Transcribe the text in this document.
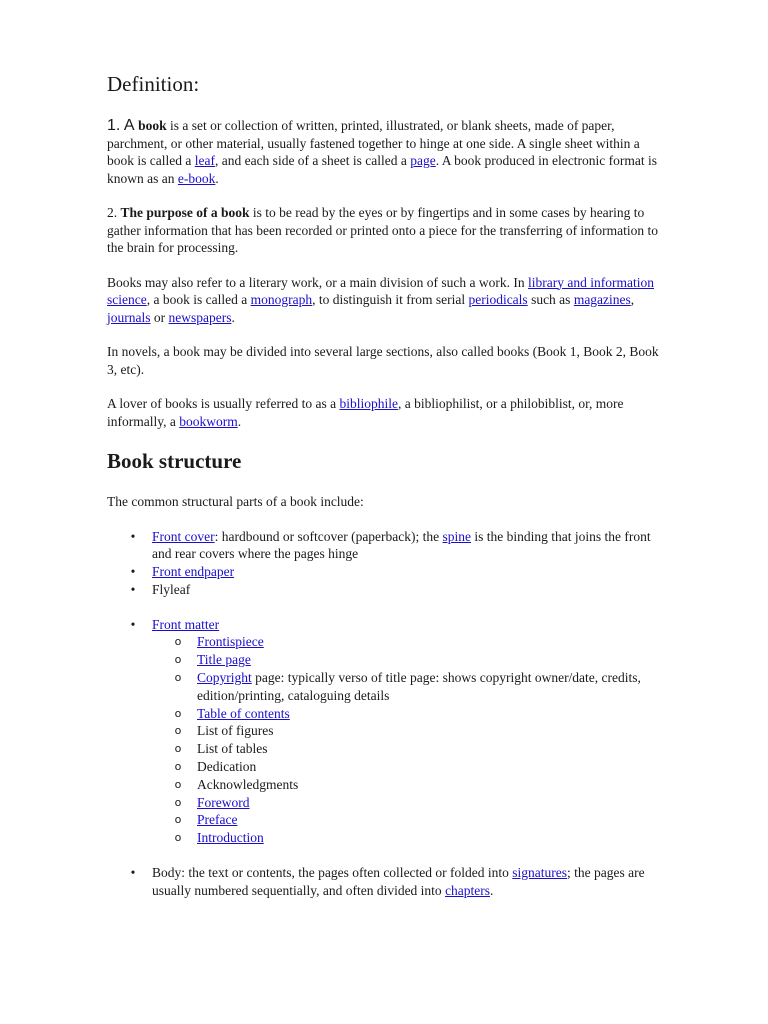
Definition:

1. A book is a set or collection of written, printed, illustrated, or blank sheets, made of paper, parchment, or other material, usually fastened together to hinge at one side. A single sheet within a book is called a leaf, and each side of a sheet is called a page. A book produced in electronic format is known as an e-book.

2. The purpose of a book is to be read by the eyes or by fingertips and in some cases by hearing to gather information that has been recorded or printed onto a piece for the transferring of information to the brain for processing.

Books may also refer to a literary work, or a main division of such a work. In library and information science, a book is called a monograph, to distinguish it from serial periodicals such as magazines, journals or newspapers.

In novels, a book may be divided into several large sections, also called books (Book 1, Book 2, Book 3, etc).

A lover of books is usually referred to as a bibliophile, a bibliophilist, or a philobiblist, or, more informally, a bookworm.

Book structure

The common structural parts of a book include:

• Front cover: hardbound or softcover (paperback); the spine is the binding that joins the front and rear covers where the pages hinge
• Front endpaper
• Flyleaf
• Front matter
o Frontispiece
o Title page
o Copyright page: typically verso of title page: shows copyright owner/date, credits, edition/printing, cataloguing details
o Table of contents
o List of figures
o List of tables
o Dedication
o Acknowledgments
o Foreword
o Preface
o Introduction
• Body: the text or contents, the pages often collected or folded into signatures; the pages are usually numbered sequentially, and often divided into chapters.
